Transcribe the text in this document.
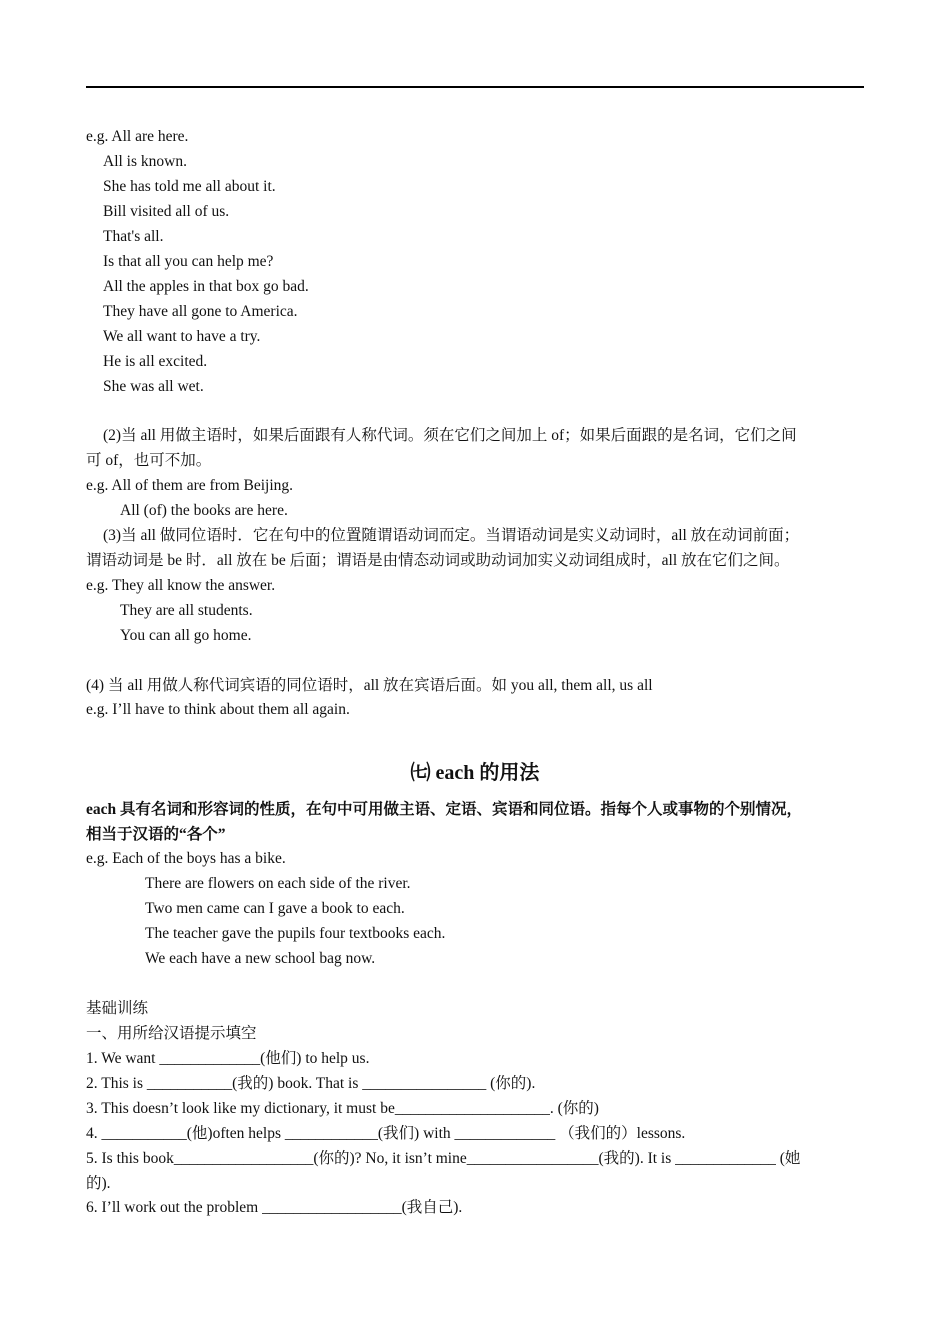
e.g. All are here.
All is known.
She has told me all about it.
Bill visited all of us.
That's all.
Is that all you can help me?
All the apples in that box go bad.
They have all gone to America.
We all want to have a try.
He is all excited.
She was all wet.
(2)当 all 用做主语时，如果后面跟有人称代词。须在它们之间加上 of；如果后面跟的是名词，它们之间
可 of，也可不加。
e.g. All of them are from Beijing.
All (of) the books are here.
(3)当 all 做同位语时．它在句中的位置随谓语动词而定。当谓语动词是实义动词时，all 放在动词前面；
谓语动词是 be 时．all 放在 be 后面；谓语是由情态动词或助动词加实义动词组成时，all 放在它们之间。
e.g. They all know the answer.
They are all students.
You can all go home.
(4) 当 all 用做人称代词宾语的同位语时，all 放在宾语后面。如 you all, them all, us all
e.g. I’ll have to think about them all again.
㈦ each 的用法
each 具有名词和形容词的性质，在句中可用做主语、定语、宾语和同位语。指每个人或事物的个别情况，
相当于汉语的“各个”
e.g. Each of the boys has a bike.
There are flowers on each side of the river.
Two men came can I gave a book to each.
The teacher gave the pupils four textbooks each.
We each have a new school bag now.
基础训练
一、用所给汉语提示填空
1. We want _____________(他们) to help us.
2. This is ___________(我的) book. That is ________________ (你的).
3. This doesn’t look like my dictionary, it must be____________________. (你的)
4. ___________(他)often helps ____________(我们) with _____________ （我们的）lessons.
5. Is this book__________________(你的)? No, it isn’t mine_________________(我的). It is _____________ (她
的).
6. I’ll work out the problem __________________(我自己).
